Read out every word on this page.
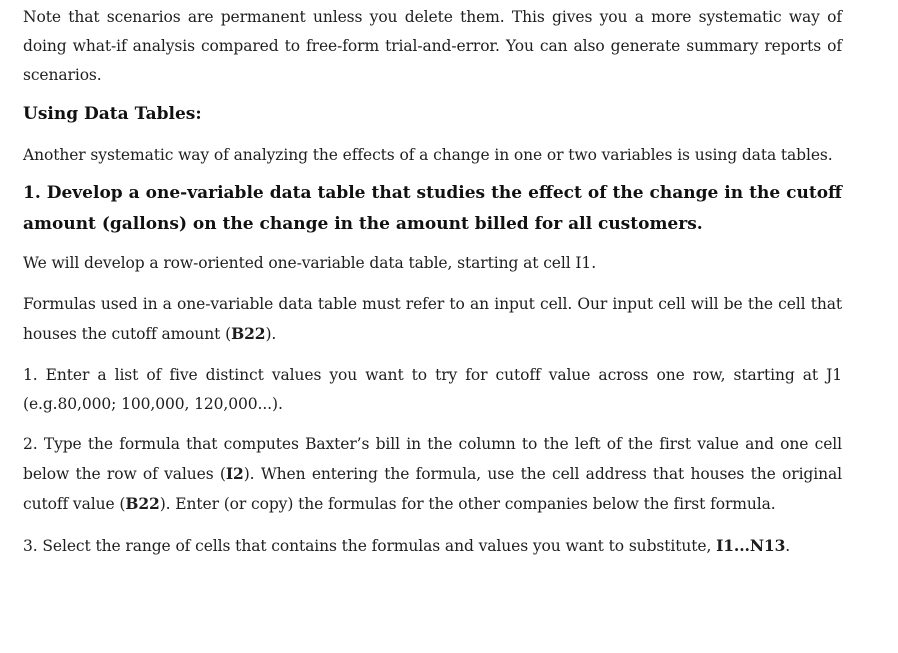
Note that scenarios are permanent unless you delete them. This gives you a more systematic way of doing what-if analysis compared to free-form trial-and-error. You can also generate summary reports of scenarios.

Using Data Tables:

Another systematic way of analyzing the effects of a change in one or two variables is using data tables.

1. Develop a one-variable data table that studies the effect of the change in the cutoff amount (gallons) on the change in the amount billed for all customers.

We will develop a row-oriented one-variable data table, starting at cell I1.

Formulas used in a one-variable data table must refer to an input cell. Our input cell will be the cell that houses the cutoff amount (B22).

1. Enter a list of five distinct values you want to try for cutoff value across one row, starting at J1 (e.g.80,000; 100,000, 120,000...).

2. Type the formula that computes Baxter’s bill in the column to the left of the first value and one cell below the row of values (I2). When entering the formula, use the cell address that houses the original cutoff value (B22). Enter (or copy) the formulas for the other companies below the first formula.

3. Select the range of cells that contains the formulas and values you want to substitute, I1...N13.
